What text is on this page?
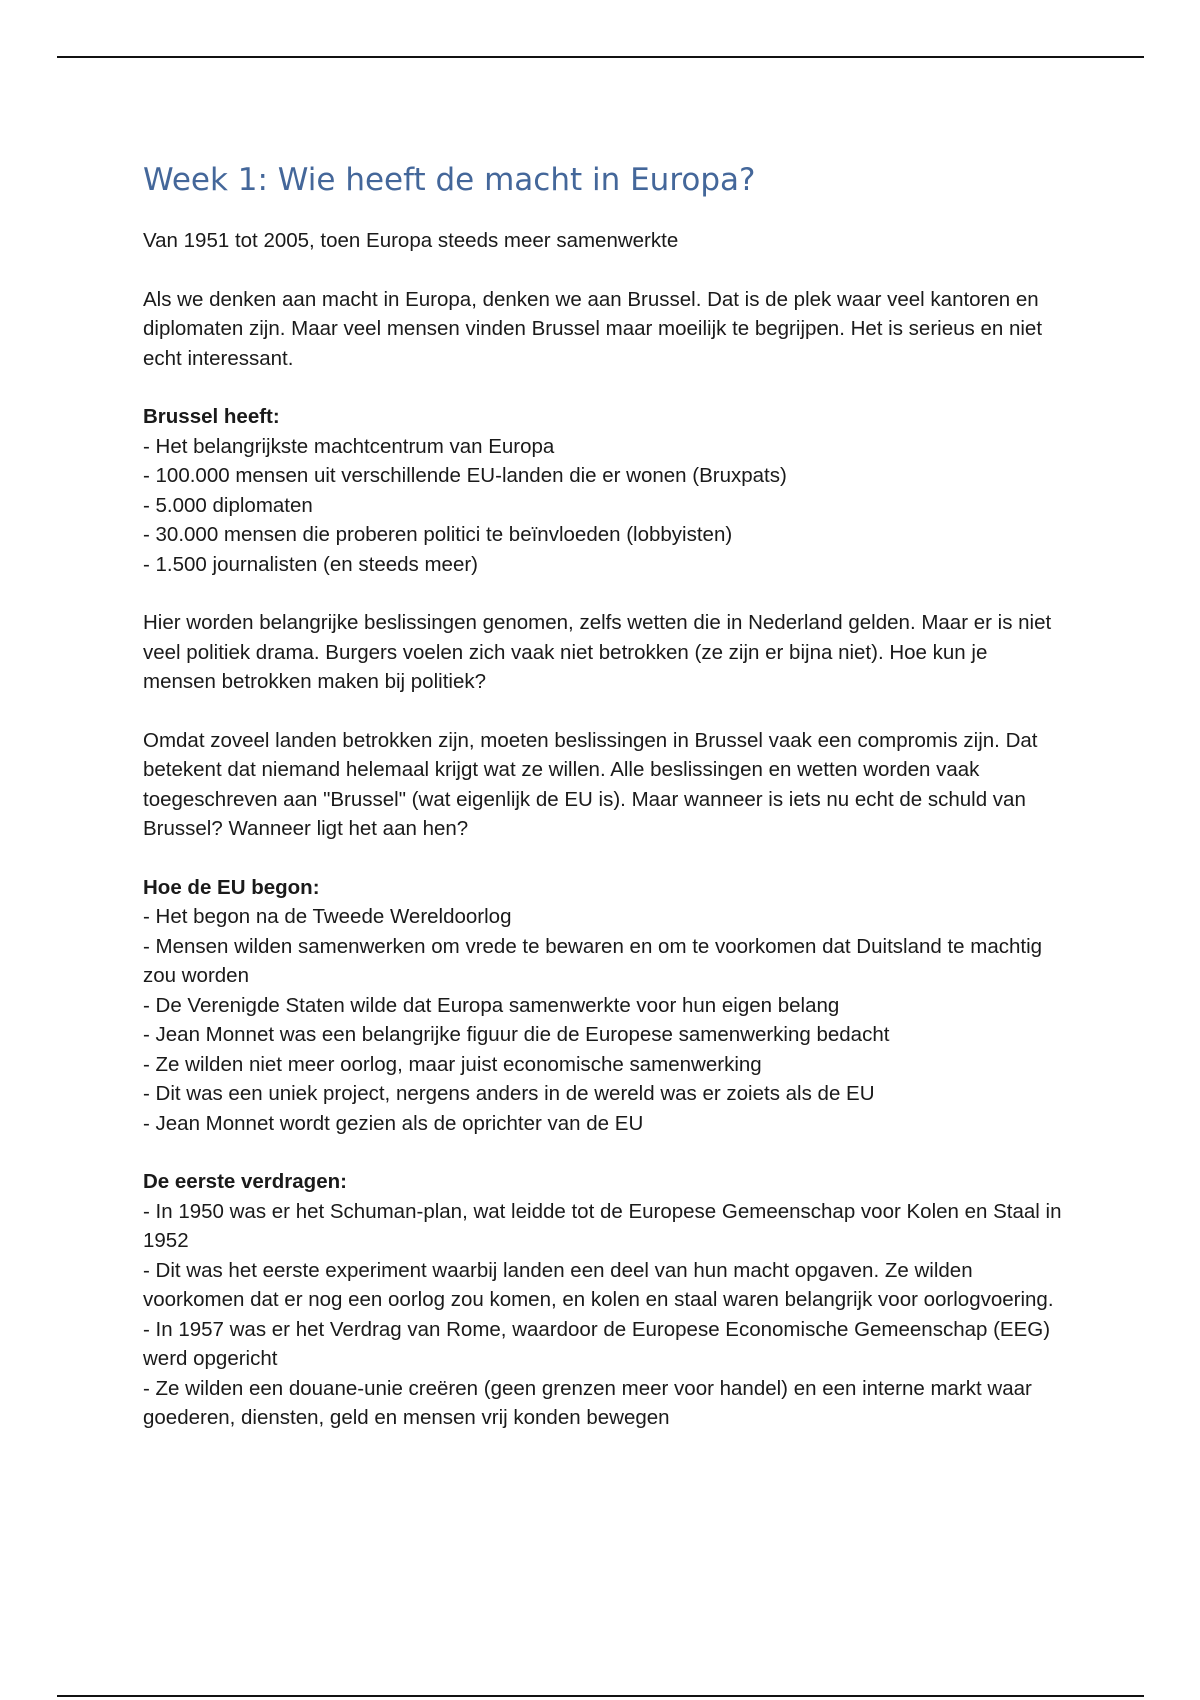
Week 1: Wie heeft de macht in Europa?

Van 1951 tot 2005, toen Europa steeds meer samenwerkte

Als we denken aan macht in Europa, denken we aan Brussel. Dat is de plek waar veel kantoren en diplomaten zijn. Maar veel mensen vinden Brussel maar moeilijk te begrijpen. Het is serieus en niet echt interessant.

Brussel heeft:
- Het belangrijkste machtcentrum van Europa
- 100.000 mensen uit verschillende EU-landen die er wonen (Bruxpats)
- 5.000 diplomaten
- 30.000 mensen die proberen politici te beïnvloeden (lobbyisten)
- 1.500 journalisten (en steeds meer)

Hier worden belangrijke beslissingen genomen, zelfs wetten die in Nederland gelden. Maar er is niet veel politiek drama. Burgers voelen zich vaak niet betrokken (ze zijn er bijna niet). Hoe kun je mensen betrokken maken bij politiek?

Omdat zoveel landen betrokken zijn, moeten beslissingen in Brussel vaak een compromis zijn. Dat betekent dat niemand helemaal krijgt wat ze willen. Alle beslissingen en wetten worden vaak toegeschreven aan "Brussel" (wat eigenlijk de EU is). Maar wanneer is iets nu echt de schuld van Brussel? Wanneer ligt het aan hen?

Hoe de EU begon:
- Het begon na de Tweede Wereldoorlog
- Mensen wilden samenwerken om vrede te bewaren en om te voorkomen dat Duitsland te machtig zou worden
- De Verenigde Staten wilde dat Europa samenwerkte voor hun eigen belang
- Jean Monnet was een belangrijke figuur die de Europese samenwerking bedacht
- Ze wilden niet meer oorlog, maar juist economische samenwerking
- Dit was een uniek project, nergens anders in de wereld was er zoiets als de EU
- Jean Monnet wordt gezien als de oprichter van de EU
De eerste verdragen:
- In 1950 was er het Schuman-plan, wat leidde tot de Europese Gemeenschap voor Kolen en Staal in 1952
- Dit was het eerste experiment waarbij landen een deel van hun macht opgaven. Ze wilden voorkomen dat er nog een oorlog zou komen, en kolen en staal waren belangrijk voor oorlogvoering.
- In 1957 was er het Verdrag van Rome, waardoor de Europese Economische Gemeenschap (EEG) werd opgericht
- Ze wilden een douane-unie creëren (geen grenzen meer voor handel) en een interne markt waar goederen, diensten, geld en mensen vrij konden bewegen
